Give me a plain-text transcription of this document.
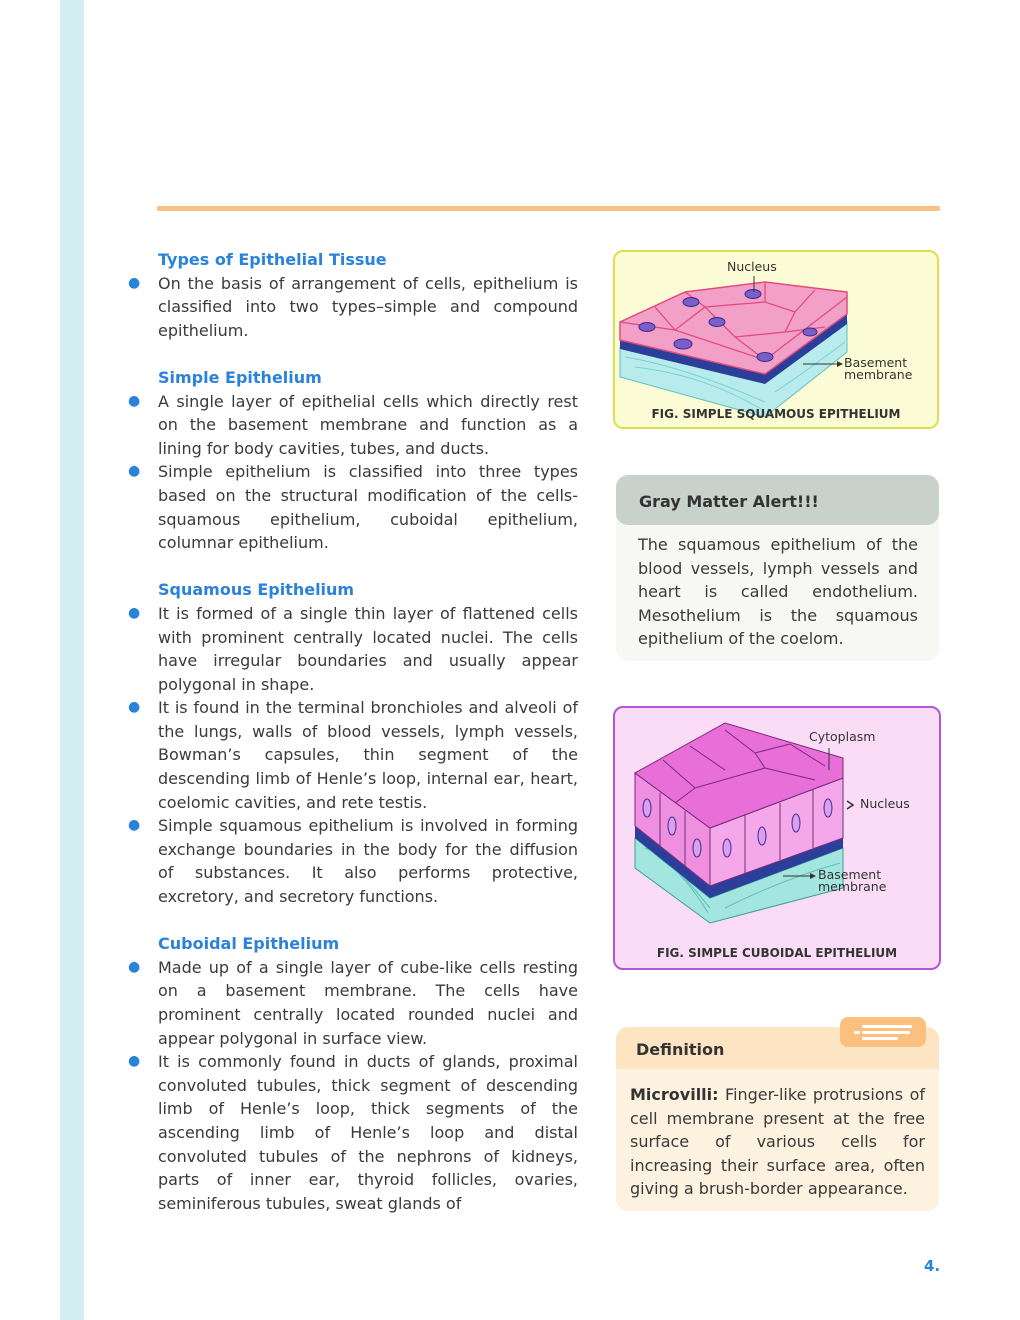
Types of Epithelial Tissue
● On the basis of arrangement of cells, epithelium is classified into two types–simple and compound epithelium.
Simple Epithelium
● A single layer of epithelial cells which directly rest on the basement membrane and function as a lining for body cavities, tubes, and ducts.
● Simple epithelium is classified into three types based on the structural modification of the cells-squamous epithelium, cuboidal epithelium, columnar epithelium.
Squamous Epithelium
● It is formed of a single thin layer of flattened cells with prominent centrally located nuclei. The cells have irregular boundaries and usually appear polygonal in shape.
● It is found in the terminal bronchioles and alveoli of the lungs, walls of blood vessels, lymph vessels, Bowman’s capsules, thin segment of the descending limb of Henle’s loop, internal ear, heart, coelomic cavities, and rete testis.
● Simple squamous epithelium is involved in forming exchange boundaries in the body for the diffusion of substances. It also performs protective, excretory, and secretory functions.
Cuboidal Epithelium
● Made up of a single layer of cube-like cells resting on a basement membrane. The cells have prominent centrally located rounded nuclei and appear polygonal in surface view.
● It is commonly found in ducts of glands, proximal convoluted tubules, thick segment of descending limb of Henle’s loop, thick segments of the ascending limb of Henle’s loop and distal convoluted tubules of the nephrons of kidneys, parts of inner ear, thyroid follicles, ovaries, seminiferous tubules, sweat glands of
Nucleus
Basement
membrane
FIG. SIMPLE SQUAMOUS EPITHELIUM
Gray Matter Alert!!!
The squamous epithelium of the blood vessels, lymph vessels and heart is called endothelium. Mesothelium is the squamous epithelium of the coelom.
Cytoplasm
Nucleus
Basement
membrane
FIG. SIMPLE CUBOIDAL EPITHELIUM
Definition
Microvilli: Finger-like protrusions of cell membrane present at the free surface of various cells for increasing their surface area, often giving a brush-border appearance.
4.
